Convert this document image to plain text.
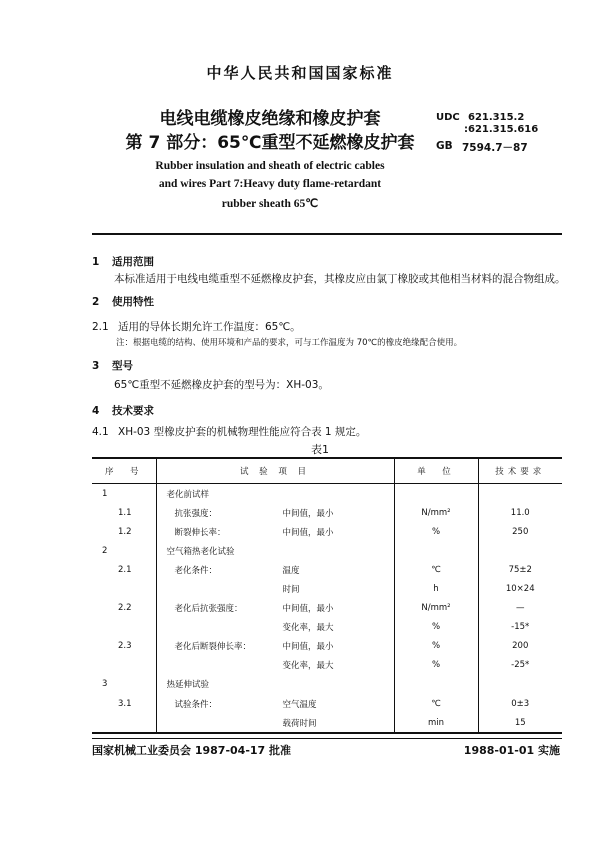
中华人民共和国国家标准
电线电缆橡皮绝缘和橡皮护套
第 7 部分：65℃重型不延燃橡皮护套
UDC 621.315.2
:621.315.616
GB 7594.7－87
Rubber insulation and sheath of electric cables
and wires Part 7:Heavy duty flame-retardant
rubber sheath 65℃
1 适用范围
本标准适用于电线电缆重型不延燃橡皮护套，其橡皮应由氯丁橡胶或其他相当材料的混合物组成。
2 使用特性
2.1 适用的导体长期允许工作温度：65℃。
注：根据电缆的结构、使用环境和产品的要求，可与工作温度为 70℃的橡皮绝缘配合使用。
3 型号
65℃重型不延燃橡皮护套的型号为：XH-03。
4 技术要求
4.1 XH-03 型橡皮护套的机械物理性能应符合表 1 规定。
表1
序　号	试 验 项 目	单　位	技术要求
1	老化前试样		

1.1	抗张强度： 中间值，最小	N/mm²	11.0
1.2	断裂伸长率： 中间值，最小	%	250
2	空气箱热老化试验		

2.1	老化条件： 温度	℃	75±2

	时间	h	10×24
2.2	老化后抗张强度： 中间值，最小	N/mm²	—

	变化率，最大	%	-15*
2.3	老化后断裂伸长率： 中间值，最小	%	200

	变化率，最大	%	-25*
3	热延伸试验		

3.1	试验条件： 空气温度	℃	0±3

	载荷时间	min	15
国家机械工业委员会 1987-04-17 批准	1988-01-01 实施
